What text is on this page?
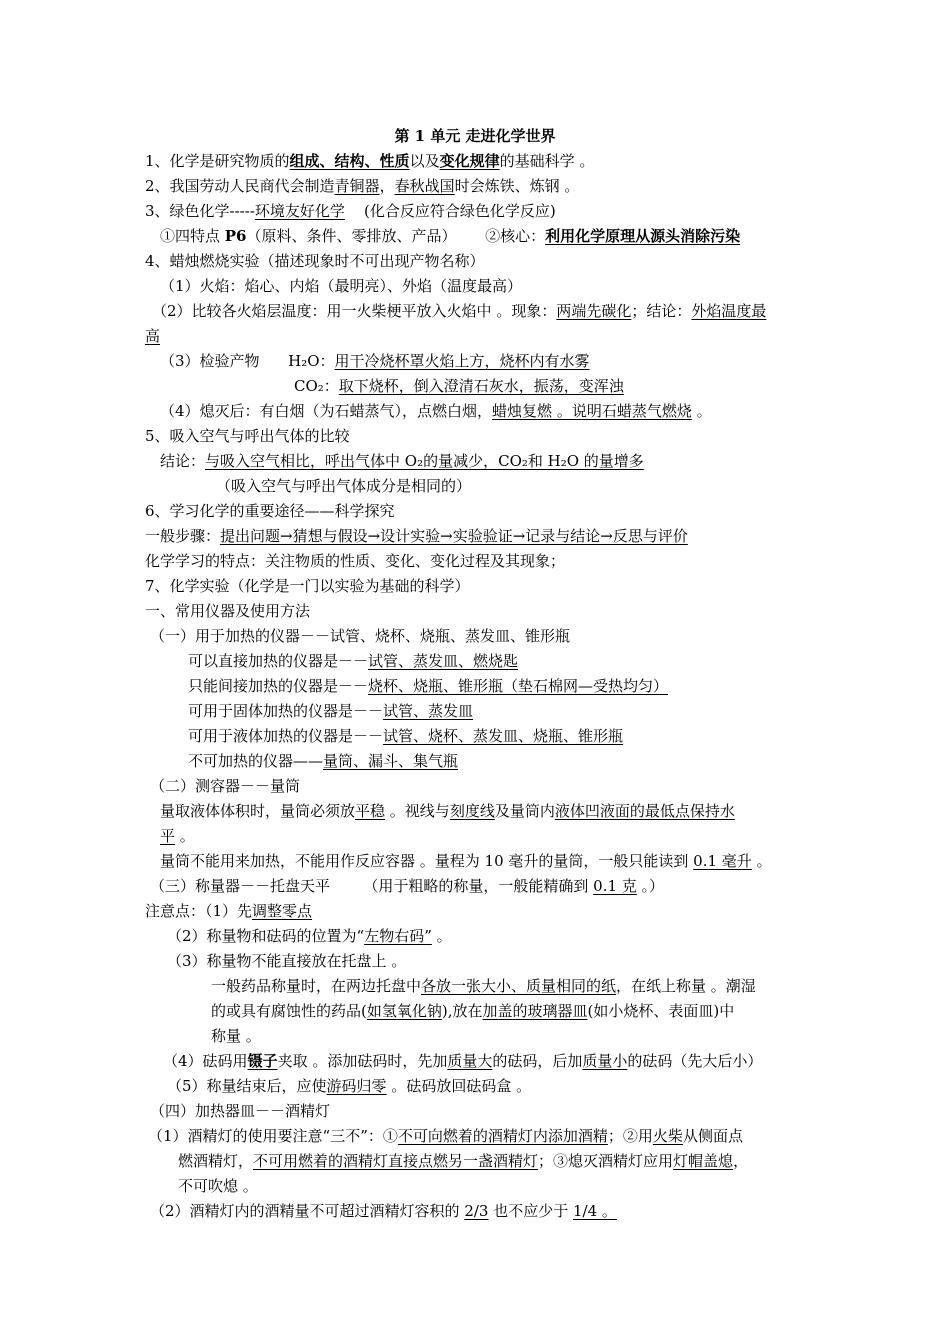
第 1 单元 走进化学世界
1、化学是研究物质的组成、结构、性质以及变化规律的基础科学 。
2、我国劳动人民商代会制造青铜器，春秋战国时会炼铁、炼钢 。
3、绿色化学-----环境友好化学    (化合反应符合绿色化学反应)
①四特点 P6（原料、条件、零排放、产品）      ②核心：利用化学原理从源头消除污染
4、蜡烛燃烧实验（描述现象时不可出现产物名称）
（1）火焰：焰心、内焰（最明亮）、外焰（温度最高）
（2）比较各火焰层温度：用一火柴梗平放入火焰中 。现象：两端先碳化；结论：外焰温度最
高
（3）检验产物      H₂O：用干冷烧杯罩火焰上方，烧杯内有水雾
CO₂：取下烧杯，倒入澄清石灰水，振荡，变浑浊
（4）熄灭后：有白烟（为石蜡蒸气），点燃白烟，蜡烛复燃 。说明石蜡蒸气燃烧 。
5、吸入空气与呼出气体的比较
结论：与吸入空气相比，呼出气体中 O₂的量减少，CO₂和 H₂O 的量增多
（吸入空气与呼出气体成分是相同的）
6、学习化学的重要途径——科学探究
一般步骤：提出问题→猜想与假设→设计实验→实验验证→记录与结论→反思与评价
化学学习的特点：关注物质的性质、变化、变化过程及其现象；
7、化学实验（化学是一门以实验为基础的科学）
一、常用仪器及使用方法
（一）用于加热的仪器－－试管、烧杯、烧瓶、蒸发皿、锥形瓶
可以直接加热的仪器是－－试管、蒸发皿、燃烧匙
只能间接加热的仪器是－－烧杯、烧瓶、锥形瓶（垫石棉网—受热均匀）
可用于固体加热的仪器是－－试管、蒸发皿
可用于液体加热的仪器是－－试管、烧杯、蒸发皿、烧瓶、锥形瓶
不可加热的仪器——量筒、漏斗、集气瓶
（二）测容器－－量筒
量取液体体积时，量筒必须放平稳 。视线与刻度线及量筒内液体凹液面的最低点保持水
平 。
量筒不能用来加热，不能用作反应容器 。量程为 10 毫升的量筒，一般只能读到 0.1 毫升 。
（三）称量器－－托盘天平       （用于粗略的称量，一般能精确到 0.1 克 。）
注意点：（1）先调整零点
（2）称量物和砝码的位置为“左物右码” 。
（3）称量物不能直接放在托盘上 。
一般药品称量时，在两边托盘中各放一张大小、质量相同的纸，在纸上称量 。潮湿
的或具有腐蚀性的药品(如氢氧化钠),放在加盖的玻璃器皿(如小烧杯、表面皿)中
称量 。
（4）砝码用镊子夹取 。添加砝码时，先加质量大的砝码，后加质量小的砝码（先大后小）
（5）称量结束后，应使游码归零 。砝码放回砝码盒 。
（四）加热器皿－－酒精灯
（1）酒精灯的使用要注意“三不”：①不可向燃着的酒精灯内添加酒精；②用火柴从侧面点
燃酒精灯，不可用燃着的酒精灯直接点燃另一盏酒精灯；③熄灭酒精灯应用灯帽盖熄，
不可吹熄 。
（2）酒精灯内的酒精量不可超过酒精灯容积的 2/3 也不应少于 1/4 。
